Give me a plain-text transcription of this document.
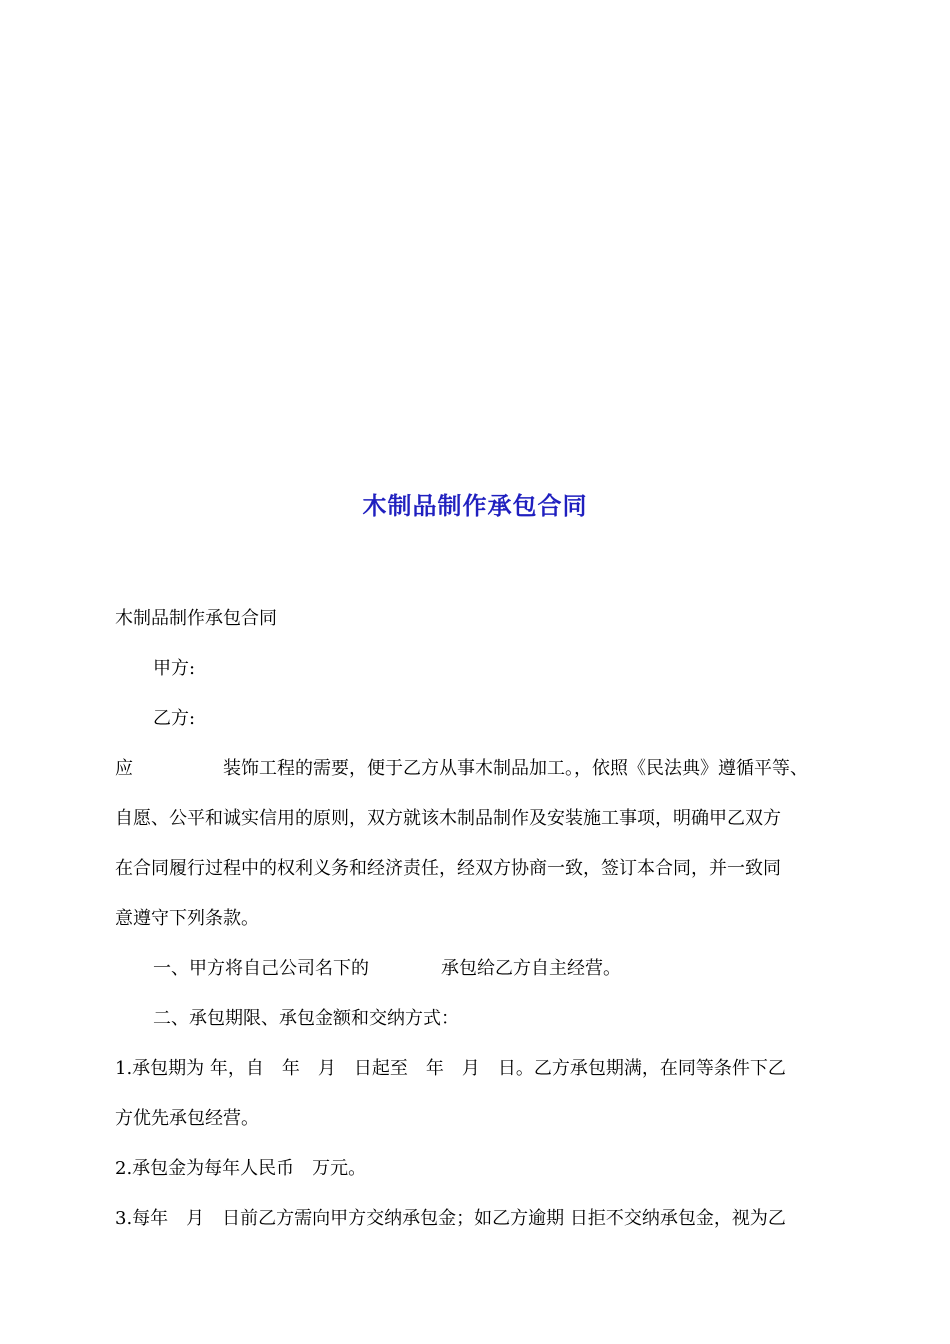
木制品制作承包合同

木制品制作承包合同

甲方:

乙方:

应　　　　　装饰工程的需要，便于乙方从事木制品加工。，依照《民法典》遵循平等、

自愿、公平和诚实信用的原则，双方就该木制品制作及安装施工事项，明确甲乙双方

在合同履行过程中的权利义务和经济责任，经双方协商一致，签订本合同，并一致同

意遵守下列条款。

一、甲方将自己公司名下的　　　　承包给乙方自主经营。

二、承包期限、承包金额和交纳方式：

1.承包期为 年，自　年　月　日起至　年　月　日。乙方承包期满，在同等条件下乙

方优先承包经营。

2.承包金为每年人民币　万元。

3.每年　月　日前乙方需向甲方交纳承包金；如乙方逾期 日拒不交纳承包金，视为乙
